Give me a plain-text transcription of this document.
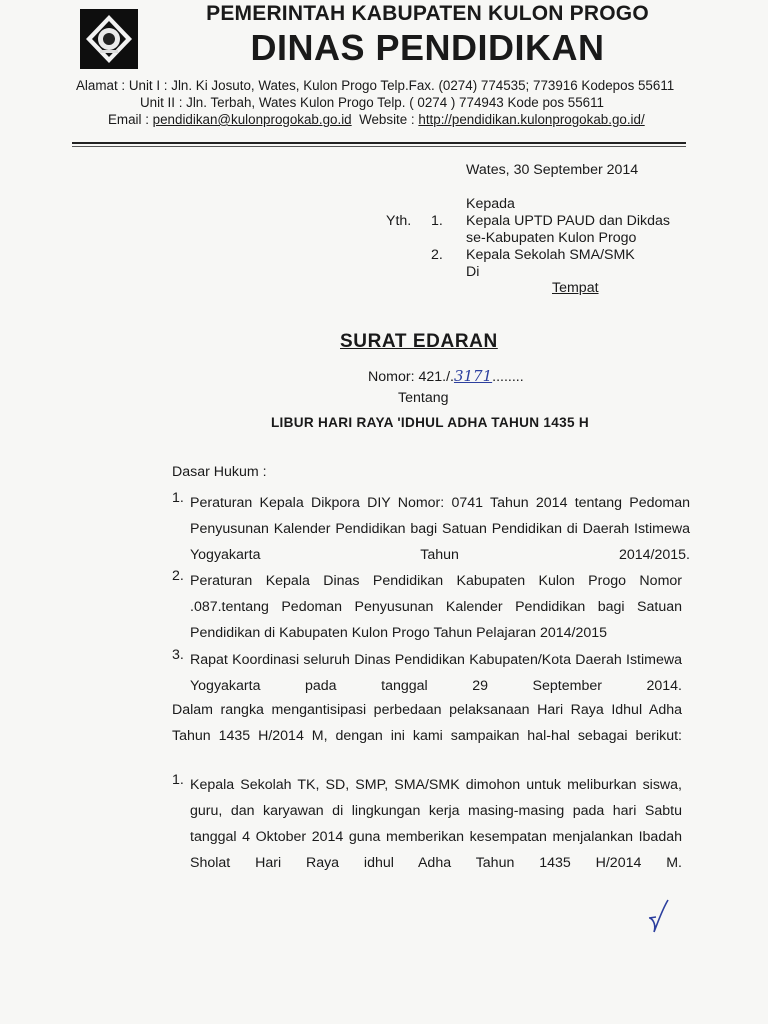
PEMERINTAH KABUPATEN KULON PROGO
DINAS PENDIDIKAN
Alamat : Unit I : Jln. Ki Josuto, Wates, Kulon Progo Telp.Fax. (0274) 774535; 773916 Kodepos 55611
Unit II : Jln. Terbah, Wates Kulon Progo Telp. ( 0274 ) 774943 Kode pos 55611
Email : pendidikan@kulonprogokab.go.id  Website : http://pendidikan.kulonprogokab.go.id/
Wates, 30 September 2014
Kepada
Yth. 1. Kepala UPTD PAUD dan Dikdas
se-Kabupaten Kulon Progo
2. Kepala Sekolah SMA/SMK
Di
Tempat
SURAT EDARAN
Nomor: 421./.3171........
Tentang
LIBUR HARI RAYA 'IDHUL ADHA TAHUN 1435 H
Dasar Hukum :
1. Peraturan Kepala Dikpora DIY Nomor: 0741 Tahun 2014 tentang Pedoman Penyusunan Kalender Pendidikan bagi Satuan Pendidikan di Daerah Istimewa Yogyakarta Tahun 2014/2015.
2. Peraturan Kepala Dinas Pendidikan Kabupaten Kulon Progo Nomor .087.tentang Pedoman Penyusunan Kalender Pendidikan bagi Satuan Pendidikan di Kabupaten Kulon Progo Tahun Pelajaran 2014/2015
3. Rapat Koordinasi seluruh Dinas Pendidikan Kabupaten/Kota Daerah Istimewa Yogyakarta pada tanggal 29 September 2014.
Dalam rangka mengantisipasi perbedaan pelaksanaan Hari Raya Idhul Adha Tahun 1435 H/2014 M, dengan ini kami sampaikan hal-hal sebagai berikut:
1. Kepala Sekolah TK, SD, SMP, SMA/SMK dimohon untuk meliburkan siswa, guru, dan karyawan di lingkungan kerja masing-masing pada hari Sabtu      tanggal 4 Oktober 2014 guna memberikan kesempatan menjalankan Ibadah Sholat Hari Raya idhul Adha Tahun 1435 H/2014 M.
